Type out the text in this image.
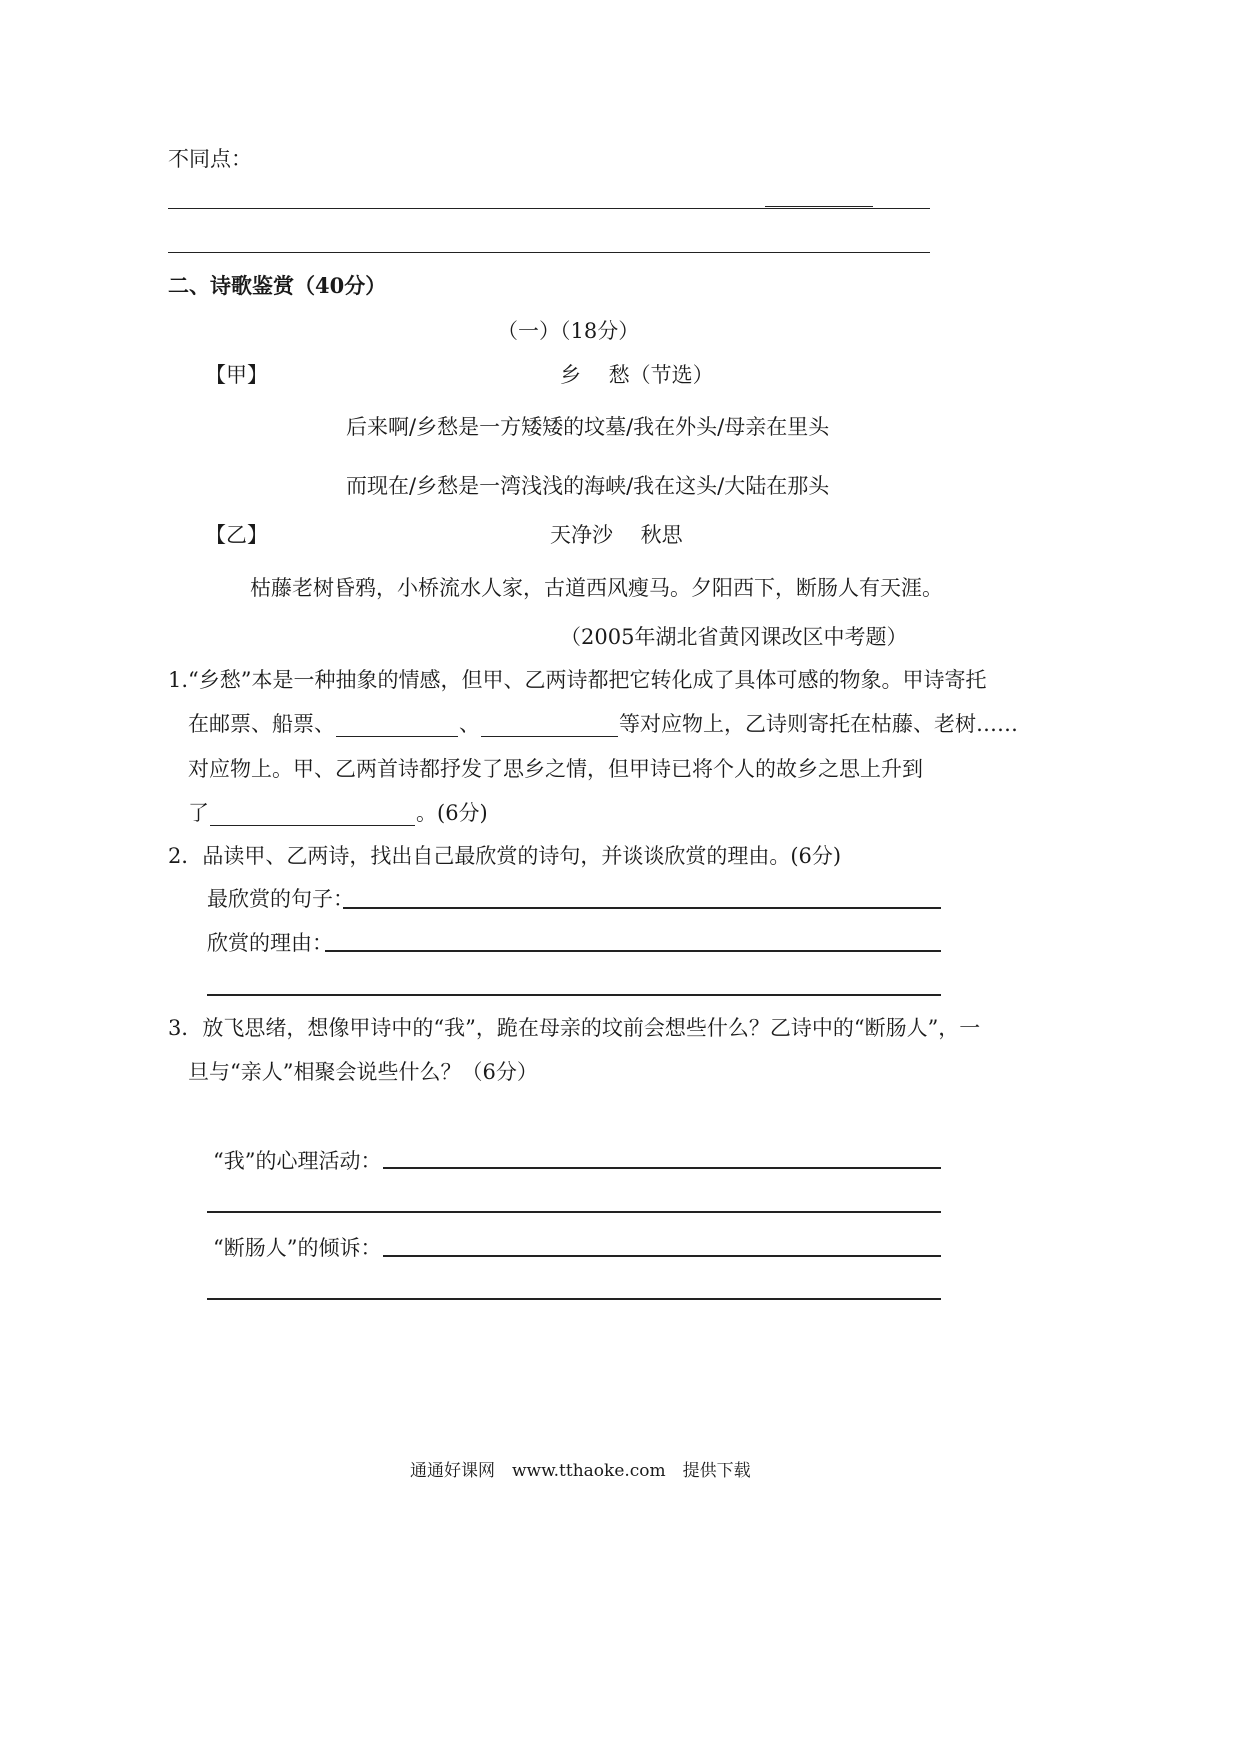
不同点：
二、诗歌鉴赏（40分）
（一）（18分）
【甲】	乡　 愁（节选）
后来啊/乡愁是一方矮矮的坟墓/我在外头/母亲在里头
而现在/乡愁是一湾浅浅的海峡/我在这头/大陆在那头
【乙】	天净沙　 秋思
枯藤老树昏鸦，小桥流水人家，古道西风瘦马。夕阳西下，断肠人有天涯。
（2005年湖北省黄冈课改区中考题）
1.“乡愁”本是一种抽象的情感，但甲、乙两诗都把它转化成了具体可感的物象。甲诗寄托
在邮票、船票、	、	等对应物上，乙诗则寄托在枯藤、老树……
对应物上。甲、乙两首诗都抒发了思乡之情，但甲诗已将个人的故乡之思上升到
了	。(6分)
2．品读甲、乙两诗，找出自己最欣赏的诗句，并谈谈欣赏的理由。(6分)
最欣赏的句子：
欣赏的理由：
3．放飞思绪，想像甲诗中的“我”，跪在母亲的坟前会想些什么？乙诗中的“断肠人”，一
旦与“亲人”相聚会说些什么？（6分）
“我”的心理活动：
“断肠人”的倾诉：
通通好课网　www.tthaoke.com　提供下载
